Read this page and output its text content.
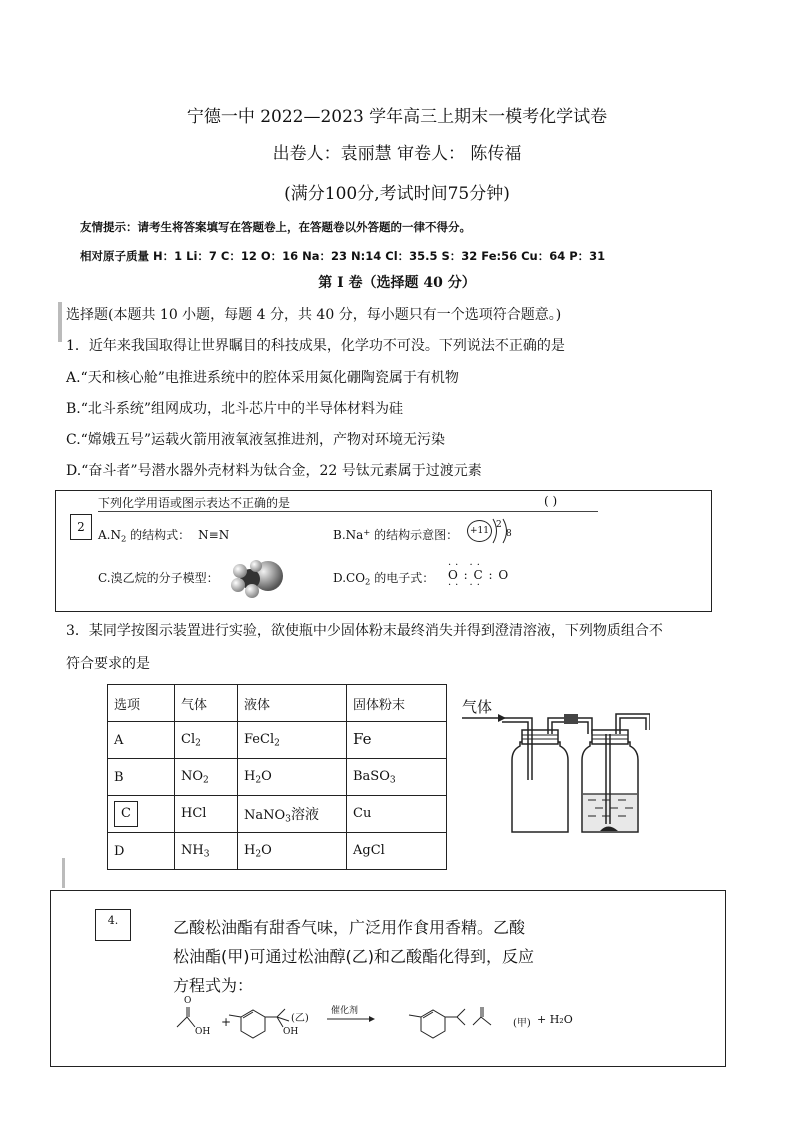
宁德一中 2022—2023 学年高三上期末一模考化学试卷
出卷人：袁丽慧 审卷人： 陈传福
(满分100分,考试时间75分钟)
友情提示：请考生将答案填写在答题卷上，在答题卷以外答题的一律不得分。
相对原子质量 H：1 Li：7 C：12 O：16 Na：23 N:14 Cl：35.5 S：32 Fe:56 Cu：64 P：31
第 I 卷（选择题 40 分）
选择题(本题共 10 小题，每题 4 分，共 40 分，每小题只有一个选项符合题意。)
1．近年来我国取得让世界瞩目的科技成果，化学功不可没。下列说法不正确的是
A.“天和核心舱”电推进系统中的腔体采用氮化硼陶瓷属于有机物
B.“北斗系统”组网成功，北斗芯片中的半导体材料为硅
C.“嫦娥五号”运载火箭用液氧液氢推进剂，产物对环境无污染
D.“奋斗者”号潜水器外壳材料为钛合金，22 号钛元素属于过渡元素
2
下列化学用语或图示表达不正确的是	( )
$A.N_2$ 的结构式： N≡N	B.Na+ 的结构示意图：	+11
2
8
C.溴乙烷的分子模型：	$D.CO_2$ 的电子式： O : C : O
·· ··
·· ··
3．某同学按图示装置进行实验，欲使瓶中少固体粉末最终消失并得到澄清溶液，下列物质组合不
符合要求的是
选项	气体	液体	固体粉末
A	$Cl_2$	FeCl$_2$	Fe
B	$NO_2$	$H_2O$	BaSO$_3$
C	HCl	NaNO$_3$溶液	Cu
D	$NH_3$	$H_2O$	AgCl
气体
4.	乙酸松油酯有甜香气味，广泛用作食用香精。乙酸
松油酯(甲)可通过松油醇(乙)和乙酸酯化得到，反应
方程式为：
O
OH
+
OH
(乙)
催化剂
(甲) + H₂O
